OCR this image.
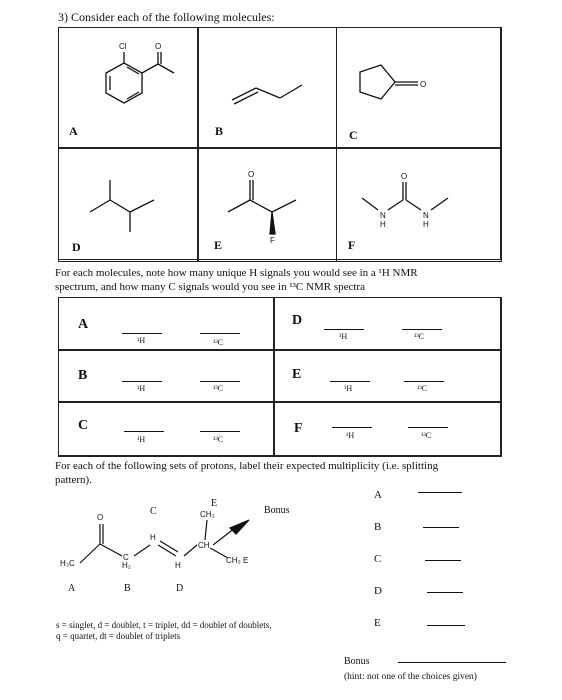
3) Consider each of the following molecules:
Cl	O
O
O
F
O
N	N
H	H
A	B	C
D	E	F
For each molecules, note how many unique H signals you would see in a ¹H NMR
spectrum, and how many C signals would you see in ¹³C NMR spectra
A
¹H	¹³C
D
¹H	¹³C
B
¹H	¹³C
E
¹H	¹³C
C
¹H	¹³C
F	¹H	¹³C
For each of the following sets of protons, label their expected multiplicity (i.e. splitting
pattern).
O
H₃C
C
H₂
CH
CH₃
CH₃ E
H
H
C
E
Bonus
A	B	D
A
B
C
D
E
s = singlet, d = doublet, t = triplet, dd = doublet of doublets,
q = quartet, dt = doublet of triplets
Bonus
(hint: not one of the choices given)
